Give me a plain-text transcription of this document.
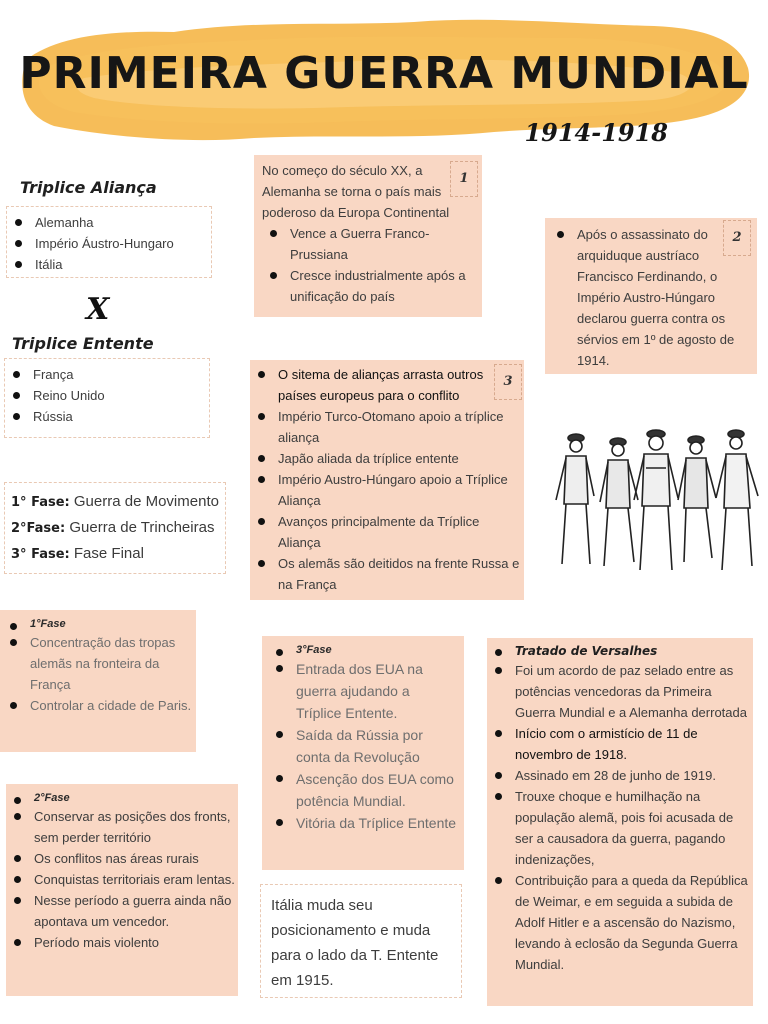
PRIMEIRA GUERRA MUNDIAL
1914-1918
Triplice Aliança
Alemanha
Império Áustro-Hungaro
Itália
X
Triplice Entente
França
Reino Unido
Rússia
1° Fase: Guerra de Movimento
2°Fase: Guerra de Trincheiras
3° Fase: Fase Final
1
No começo do século XX, a Alemanha se torna o país mais poderoso da Europa Continental
Vence a Guerra Franco-Prussiana
Cresce industrialmente após a unificação do país
2
Após o assassinato do arquiduque austríaco Francisco Ferdinando, o Império Austro-Húngaro declarou guerra contra os sérvios em 1º de agosto de 1914.
3
O sitema de alianças arrasta outros países europeus para o conflito
Império Turco-Otomano apoio a tríplice aliança
Japão aliada da tríplice entente
Império Austro-Húngaro apoio a Tríplice Aliança
Avanços principalmente da Tríplice Aliança
Os alemãs são deitidos na frente Russa e na França
1°Fase
Concentração das tropas alemãs na fronteira da França
Controlar a cidade de Paris.
2°Fase
Conservar as posições dos fronts, sem perder território
Os conflitos nas áreas rurais
Conquistas territoriais eram lentas.
Nesse período a guerra ainda não apontava um vencedor.
Período mais violento
3°Fase
Entrada dos EUA na guerra ajudando a Tríplice Entente.
Saída da Rússia por conta da Revolução
Ascenção dos EUA como potência Mundial.
Vitória da Tríplice Entente
Itália muda seu posicionamento e muda para o lado da T. Entente em 1915.
Tratado de Versalhes
Foi um acordo de paz selado entre as potências vencedoras da Primeira Guerra Mundial e a Alemanha derrotada
Início com o armistício de 11 de novembro de 1918.
Assinado em 28 de junho de 1919.
Trouxe choque e humilhação na população alemã, pois foi acusada de ser a causadora da guerra, pagando indenizações,
Contribuição para a queda da República de Weimar, e em seguida a subida de Adolf Hitler e a ascensão do Nazismo, levando à eclosão da Segunda Guerra Mundial.
